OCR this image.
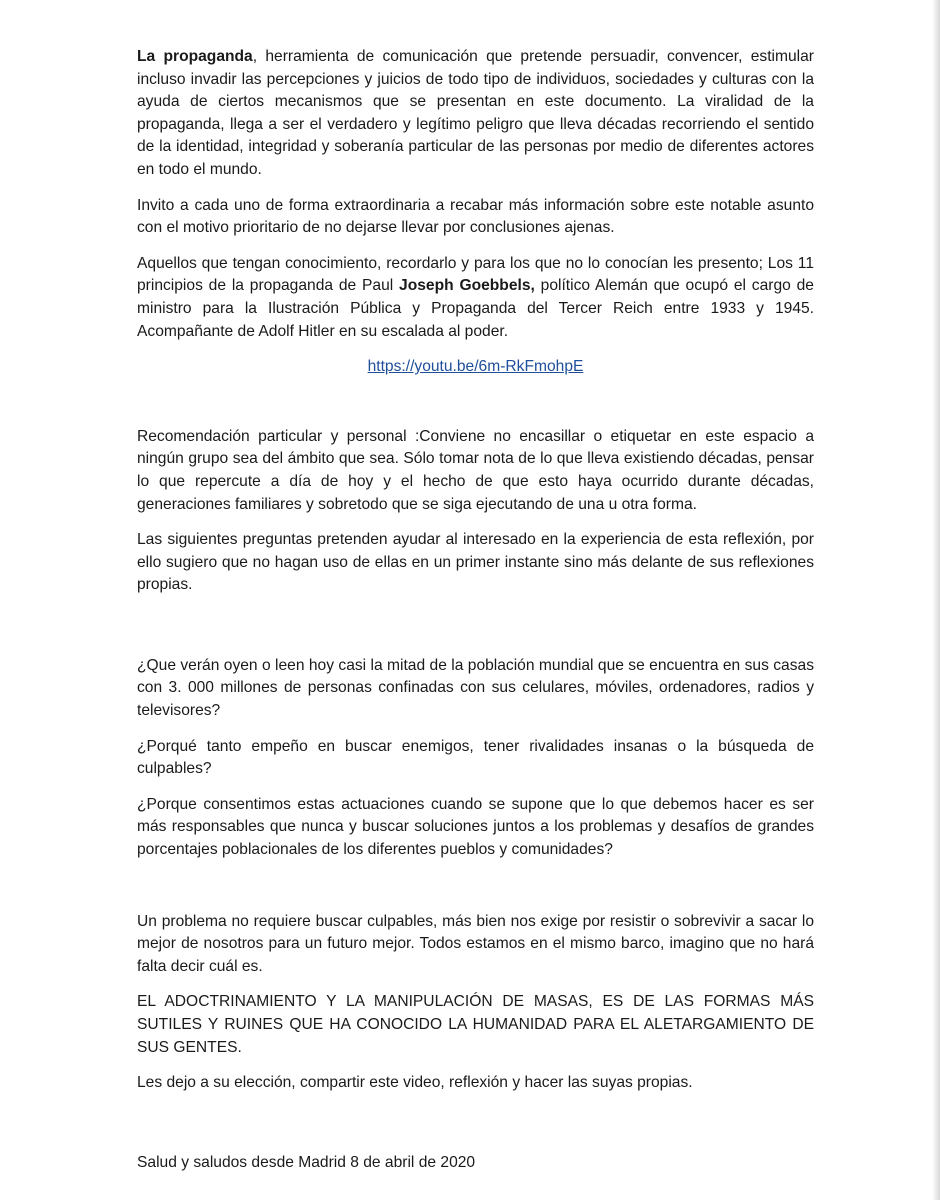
La propaganda, herramienta de comunicación que pretende persuadir, convencer, estimular incluso invadir las percepciones y juicios de todo tipo de individuos, sociedades y culturas con la ayuda de ciertos mecanismos que se presentan en este documento. La viralidad de la propaganda, llega a ser el verdadero y legítimo peligro que lleva décadas recorriendo el sentido de la identidad, integridad y soberanía particular de las personas por medio de diferentes actores en todo el mundo.

Invito a cada uno de forma extraordinaria a recabar más información sobre este notable asunto con el motivo prioritario de no dejarse llevar por conclusiones ajenas.

Aquellos que tengan conocimiento, recordarlo y para los que no lo conocían les presento; Los 11 principios de la propaganda de Paul Joseph Goebbels, político Alemán que ocupó el cargo de ministro para la Ilustración Pública y Propaganda del Tercer Reich entre 1933 y 1945. Acompañante de Adolf Hitler en su escalada al poder.

https://youtu.be/6m-RkFmohpE

Recomendación particular y personal :Conviene no encasillar o etiquetar en este espacio a ningún grupo sea del ámbito que sea. Sólo tomar nota de lo que lleva existiendo décadas, pensar lo que repercute a día de hoy y el hecho de que esto haya ocurrido durante décadas, generaciones familiares y sobretodo que se siga ejecutando de una u otra forma.

Las siguientes preguntas pretenden ayudar al interesado en la experiencia de esta reflexión, por ello sugiero que no hagan uso de ellas en un primer instante sino más delante de sus reflexiones propias.

¿Que verán oyen o leen hoy casi la mitad de la población mundial que se encuentra en sus casas con 3. 000 millones de personas confinadas con sus celulares, móviles, ordenadores, radios y televisores?

¿Porqué tanto empeño en buscar enemigos, tener rivalidades insanas o la búsqueda de culpables?

¿Porque consentimos estas actuaciones cuando se supone que lo que debemos hacer es ser más responsables que nunca y buscar soluciones juntos a los problemas y desafíos de grandes porcentajes poblacionales de los diferentes pueblos y comunidades?

Un problema no requiere buscar culpables, más bien nos exige por resistir o sobrevivir a sacar lo mejor de nosotros para un futuro mejor. Todos estamos en el mismo barco, imagino que no hará falta decir cuál es.

EL ADOCTRINAMIENTO Y LA MANIPULACIÓN DE MASAS, ES DE LAS FORMAS MÁS SUTILES Y RUINES QUE HA CONOCIDO LA HUMANIDAD PARA EL ALETARGAMIENTO DE SUS GENTES.

Les dejo a su elección, compartir este video, reflexión y hacer las suyas propias.

Salud y saludos desde Madrid 8 de abril de 2020
